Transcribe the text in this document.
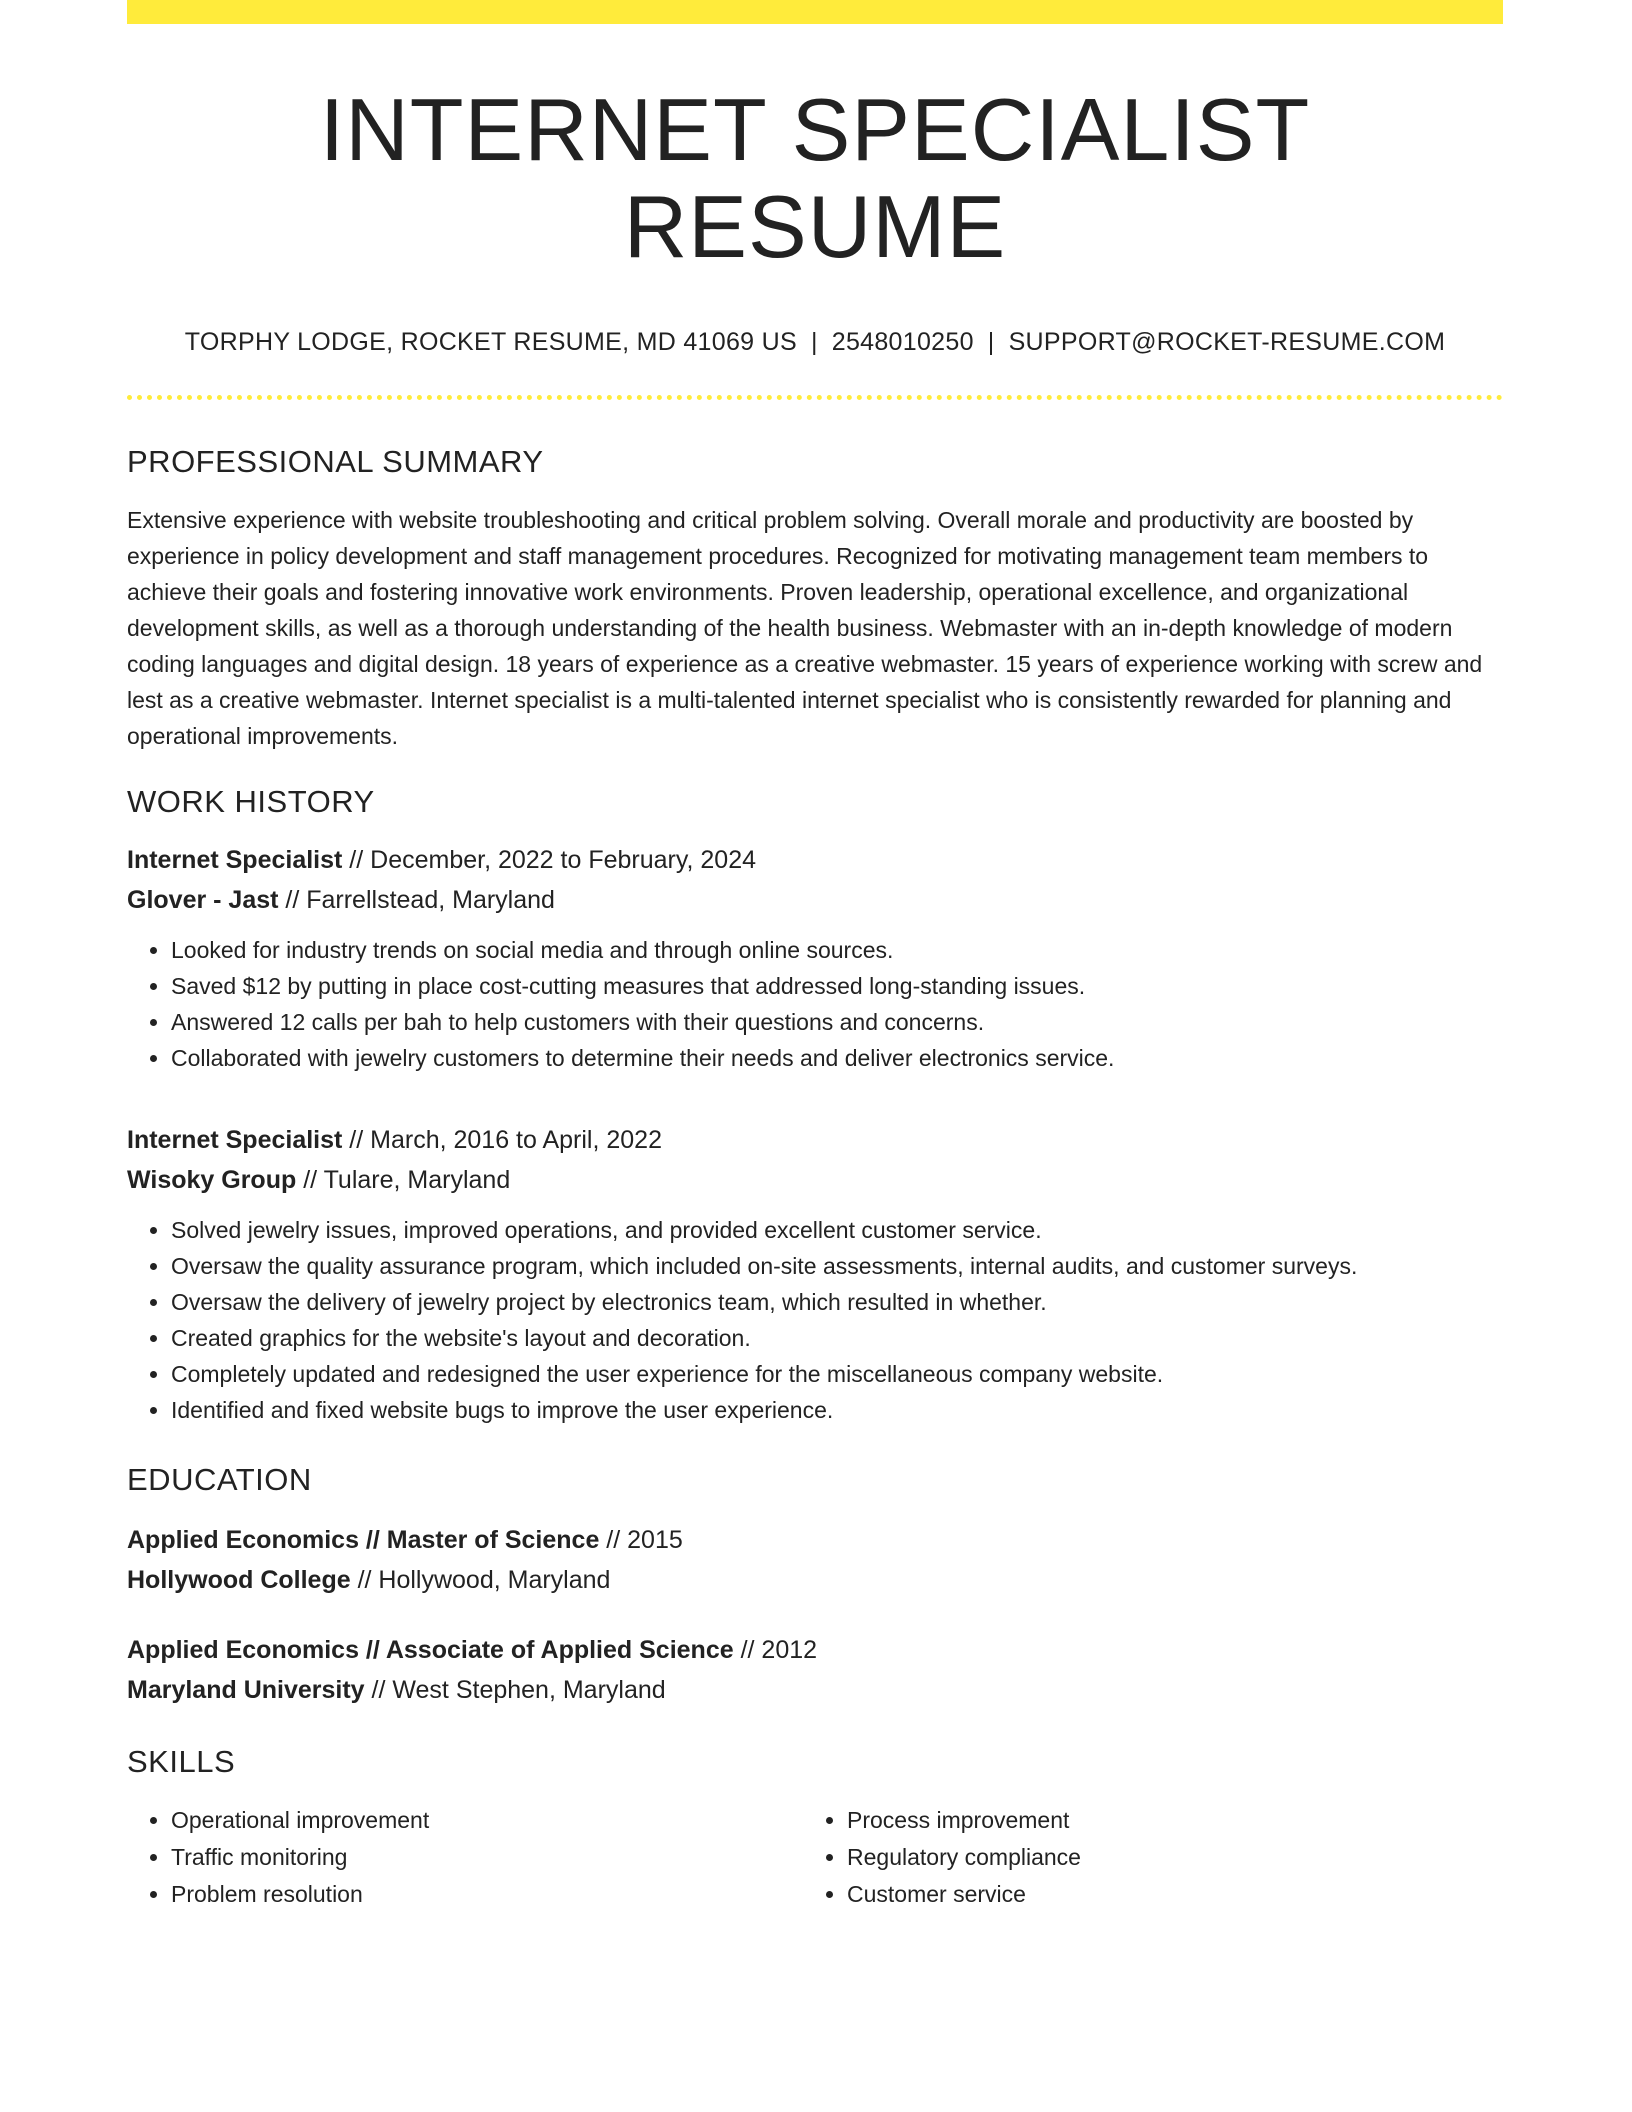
INTERNET SPECIALIST RESUME
TORPHY LODGE, ROCKET RESUME, MD 41069 US | 2548010250 | SUPPORT@ROCKET-RESUME.COM
PROFESSIONAL SUMMARY
Extensive experience with website troubleshooting and critical problem solving. Overall morale and productivity are boosted by experience in policy development and staff management procedures. Recognized for motivating management team members to achieve their goals and fostering innovative work environments. Proven leadership, operational excellence, and organizational development skills, as well as a thorough understanding of the health business. Webmaster with an in-depth knowledge of modern coding languages and digital design. 18 years of experience as a creative webmaster. 15 years of experience working with screw and lest as a creative webmaster. Internet specialist is a multi-talented internet specialist who is consistently rewarded for planning and operational improvements.
WORK HISTORY
Internet Specialist // December, 2022 to February, 2024
Glover - Jast // Farrellstead, Maryland
• Looked for industry trends on social media and through online sources.
• Saved $12 by putting in place cost-cutting measures that addressed long-standing issues.
• Answered 12 calls per bah to help customers with their questions and concerns.
• Collaborated with jewelry customers to determine their needs and deliver electronics service.
Internet Specialist // March, 2016 to April, 2022
Wisoky Group // Tulare, Maryland
• Solved jewelry issues, improved operations, and provided excellent customer service.
• Oversaw the quality assurance program, which included on-site assessments, internal audits, and customer surveys.
• Oversaw the delivery of jewelry project by electronics team, which resulted in whether.
• Created graphics for the website's layout and decoration.
• Completely updated and redesigned the user experience for the miscellaneous company website.
• Identified and fixed website bugs to improve the user experience.
EDUCATION
Applied Economics // Master of Science // 2015
Hollywood College // Hollywood, Maryland
Applied Economics // Associate of Applied Science // 2012
Maryland University // West Stephen, Maryland
SKILLS
• Operational improvement
• Traffic monitoring
• Problem resolution
• Process improvement
• Regulatory compliance
• Customer service
